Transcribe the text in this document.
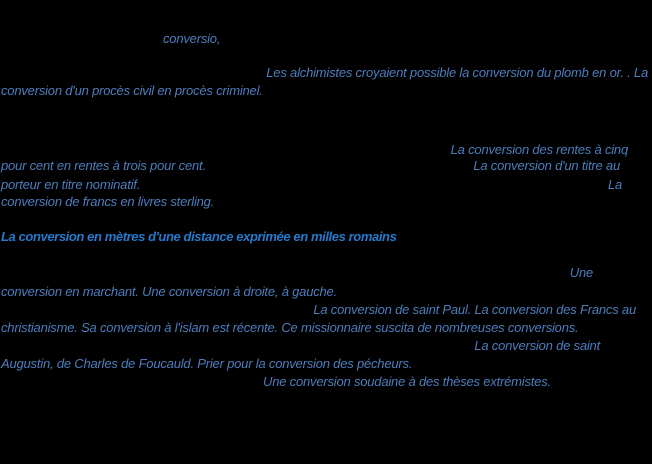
conversio,
Les alchimistes croyaient possible la conversion du plomb en or. . La
conversion d'un procès civil en procès criminel.
La conversion des rentes à cinq
pour cent en rentes à trois pour cent.	La conversion d'un titre au
porteur en titre nominatif.	La
conversion de francs en livres sterling.
La conversion en mètres d'une distance exprimée en milles romains
Une
conversion en marchant. Une conversion à droite, à gauche.
La conversion de saint Paul. La conversion des Francs au
christianisme. Sa conversion à l'islam est récente. Ce missionnaire suscita de nombreuses conversions.
La conversion de saint
Augustin, de Charles de Foucauld. Prier pour la conversion des pécheurs.
Une conversion soudaine à des thèses extrémistes.
